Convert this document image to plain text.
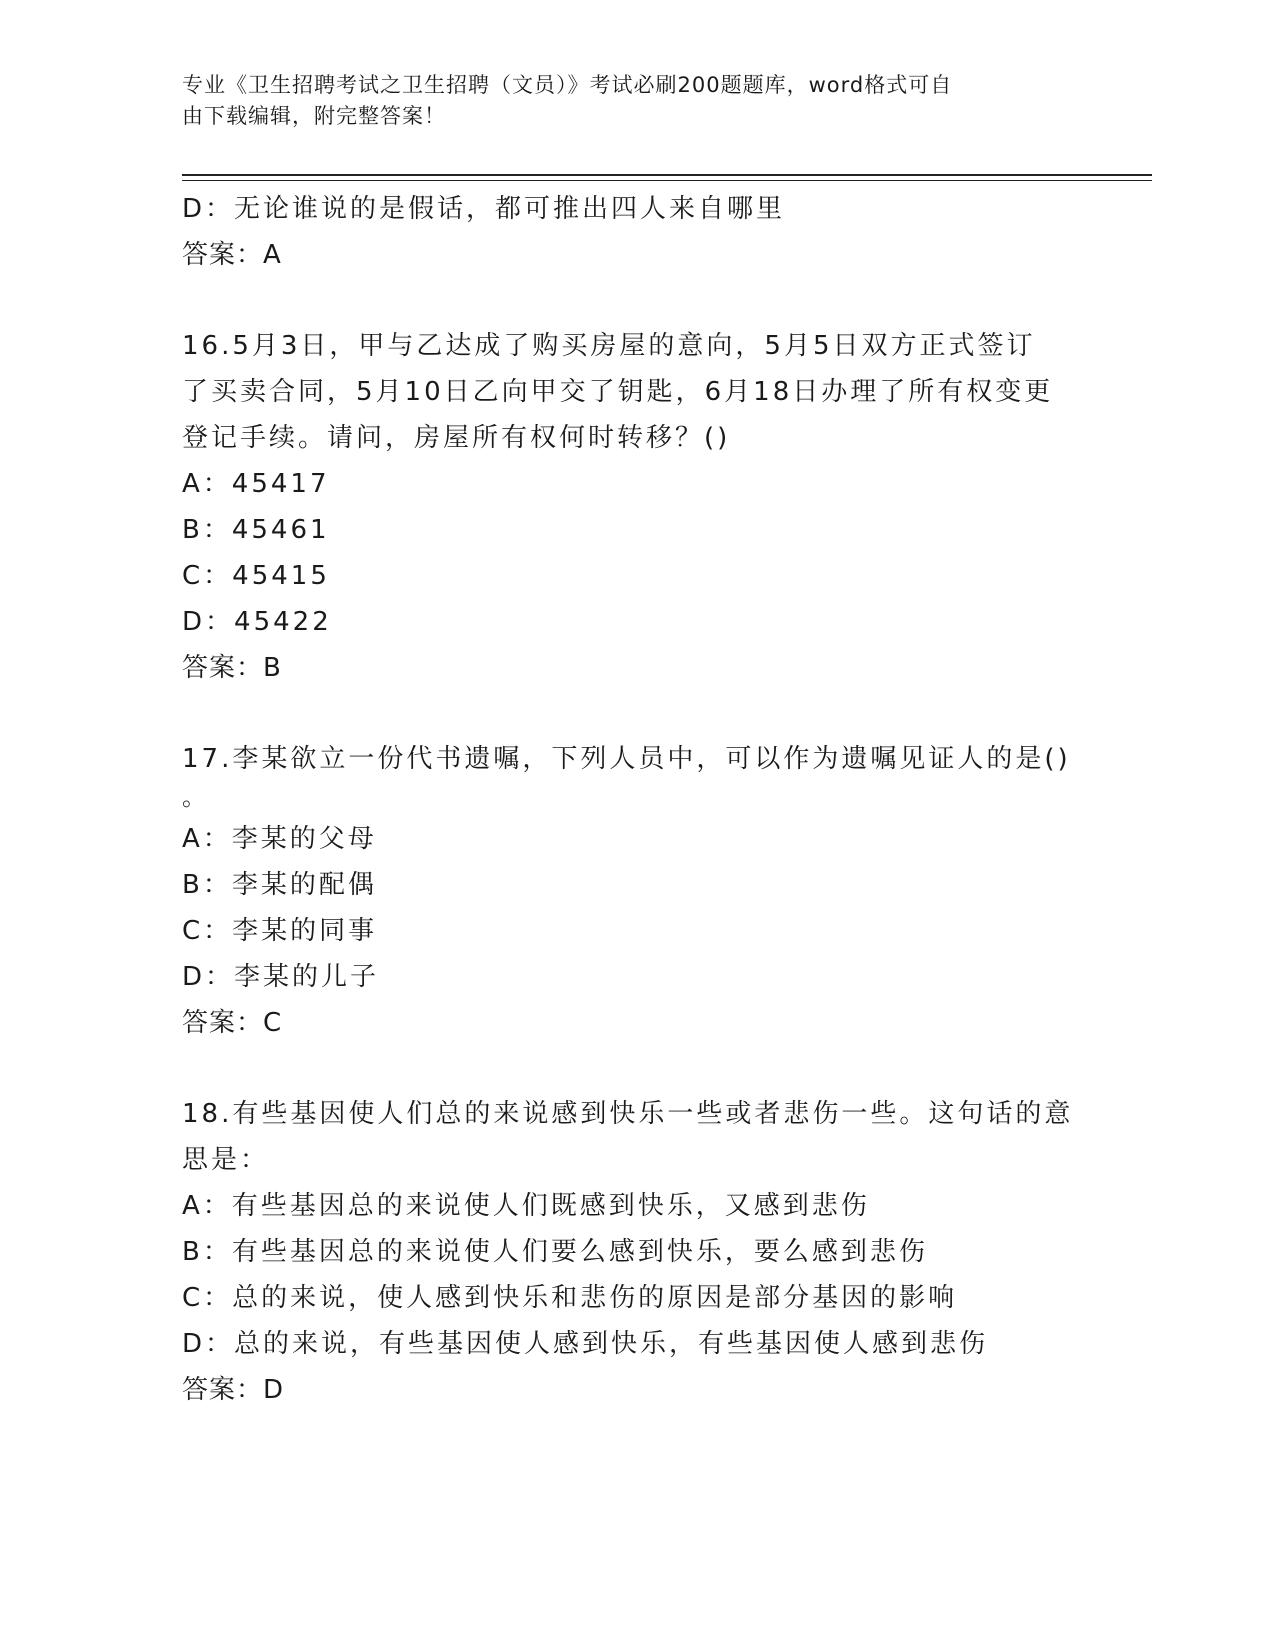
专业《卫生招聘考试之卫生招聘（文员）》考试必刷200题题库，word格式可自
由下载编辑，附完整答案！
D：无论谁说的是假话，都可推出四人来自哪里
答案：A
16.5月3日，甲与乙达成了购买房屋的意向，5月5日双方正式签订
了买卖合同，5月10日乙向甲交了钥匙，6月18日办理了所有权变更
登记手续。请问，房屋所有权何时转移？()
A：45417
B：45461
C：45415
D：45422
答案：B
17.李某欲立一份代书遗嘱，下列人员中，可以作为遗嘱见证人的是()
。
A：李某的父母
B：李某的配偶
C：李某的同事
D：李某的儿子
答案：C
18.有些基因使人们总的来说感到快乐一些或者悲伤一些。这句话的意
思是：
A：有些基因总的来说使人们既感到快乐，又感到悲伤
B：有些基因总的来说使人们要么感到快乐，要么感到悲伤
C：总的来说，使人感到快乐和悲伤的原因是部分基因的影响
D：总的来说，有些基因使人感到快乐，有些基因使人感到悲伤
答案：D
